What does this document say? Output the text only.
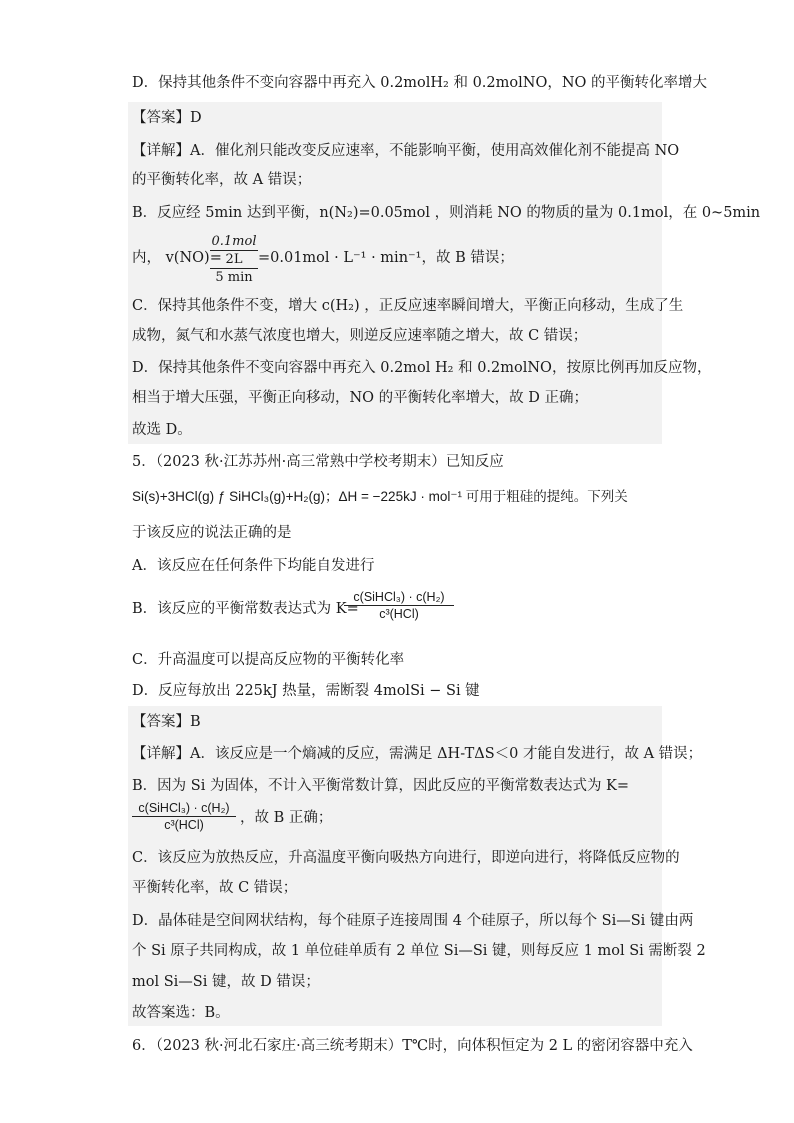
D．保持其他条件不变向容器中再充入 0.2molH₂ 和 0.2molNO，NO 的平衡转化率增大
【答案】D
【详解】A．催化剂只能改变反应速率，不能影响平衡，使用高效催化剂不能提高 NO
的平衡转化率，故 A 错误；
B．反应经 5min 达到平衡，n(N₂)=0.05mol ，则消耗 NO 的物质的量为 0.1mol，在 0~5min
内， v(NO)=
0.1mol
2L
5 min
=0.01mol · L⁻¹ · min⁻¹，故 B 错误；
C．保持其他条件不变，增大 c(H₂) ，正反应速率瞬间增大，平衡正向移动，生成了生
成物，氮气和水蒸气浓度也增大，则逆反应速率随之增大，故 C 错误；
D．保持其他条件不变向容器中再充入 0.2mol H₂ 和 0.2molNO，按原比例再加反应物，
相当于增大压强，平衡正向移动，NO 的平衡转化率增大，故 D 正确；
故选 D。
5．（2023 秋·江苏苏州·高三常熟中学校考期末）已知反应
Si(s)+3HCl(g) ƒ SiHCl₃(g)+H₂(g)；ΔH = −225kJ · mol⁻¹ 可用于粗硅的提纯。下列关
于该反应的说法正确的是
A．该反应在任何条件下均能自发进行
B．该反应的平衡常数表达式为 K=
c(SiHCl₃) · c(H₂)
c³(HCl)
C．升高温度可以提高反应物的平衡转化率
D．反应每放出 225kJ 热量，需断裂 4molSi − Si 键
【答案】B
【详解】A．该反应是一个熵减的反应，需满足 ΔH-TΔS＜0 才能自发进行，故 A 错误；
B．因为 Si 为固体，不计入平衡常数计算，因此反应的平衡常数表达式为 K=
c(SiHCl₃) · c(H₂)
c³(HCl)	，故 B 正确；
C．该反应为放热反应，升高温度平衡向吸热方向进行，即逆向进行，将降低反应物的
平衡转化率，故 C 错误；
D．晶体硅是空间网状结构，每个硅原子连接周围 4 个硅原子，所以每个 Si—Si 键由两
个 Si 原子共同构成，故 1 单位硅单质有 2 单位 Si—Si 键，则每反应 1 mol Si 需断裂 2
mol Si—Si 键，故 D 错误；
故答案选：B。
6．（2023 秋·河北石家庄·高三统考期末）T℃时，向体积恒定为 2 L 的密闭容器中充入
